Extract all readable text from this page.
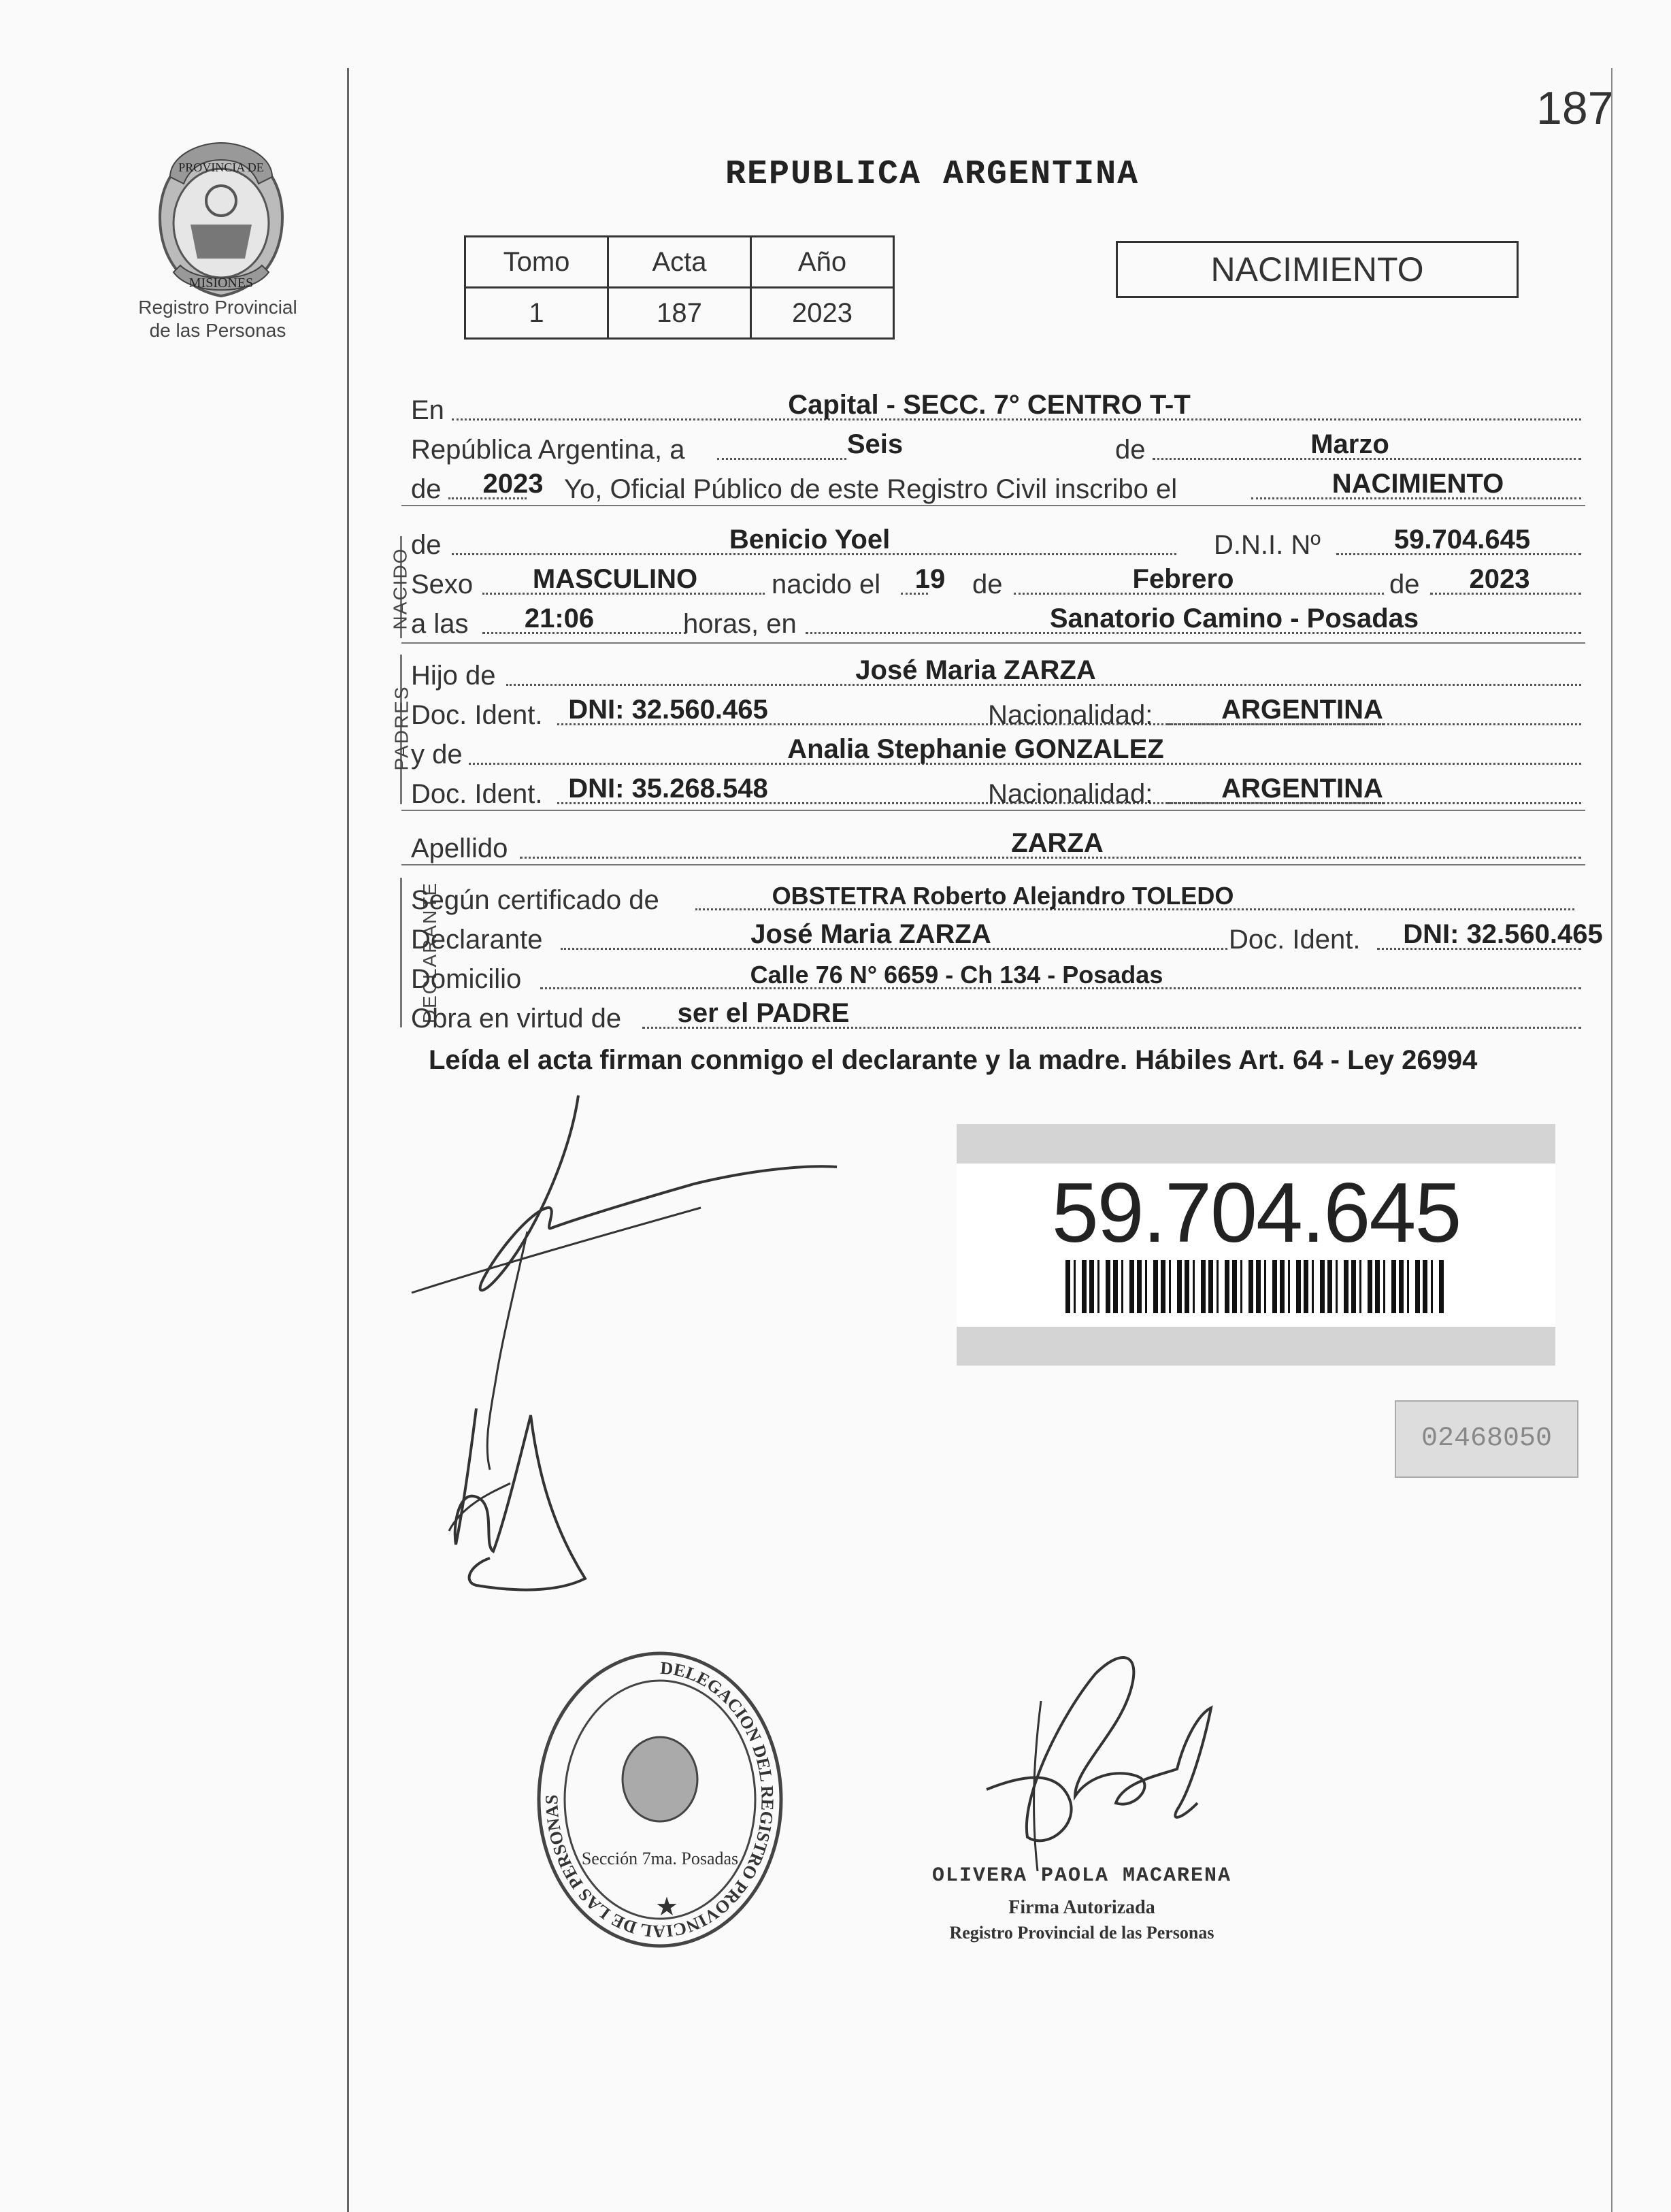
187
PROVINCIA DE
MISIONES
Registro Provincial
de las Personas
REPUBLICA ARGENTINA
Tomo	Acta	Año
1	187	2023
NACIMIENTO
En	Capital - SECC. 7° CENTRO T-T
República Argentina, a	Seis	de	Marzo
de 2023 Yo, Oficial Público de este Registro Civil inscribo el	NACIMIENTO
NACIDO
de	Benicio Yoel	D.N.I. Nº	59.704.645
Sexo MASCULINO	nacido el 19 de	Febrero	de 2023
a las 21:06	horas, en	Sanatorio Camino - Posadas
PADRES
Hijo de	José Maria ZARZA
Doc. Ident. DNI: 32.560.465	Nacionalidad:	ARGENTINA
y de	Analia Stephanie GONZALEZ
Doc. Ident. DNI: 35.268.548	Nacionalidad:	ARGENTINA
Apellido	ZARZA
DECLARANTE
Según certificado de	OBSTETRA Roberto Alejandro TOLEDO
Declarante	José Maria ZARZA	Doc. Ident. DNI: 32.560.465
Domicilio	Calle 76 N° 6659 - Ch 134 - Posadas
Obra en virtud de ser el PADRE
Leída el acta firman conmigo el declarante y la madre. Hábiles Art. 64 - Ley 26994
59.704.645
02468050
DELEGACION DEL REGISTRO PROVINCIAL DE LAS PERSONAS
Sección 7ma. Posadas
★
OLIVERA PAOLA MACARENA
Firma Autorizada
Registro Provincial de las Personas
